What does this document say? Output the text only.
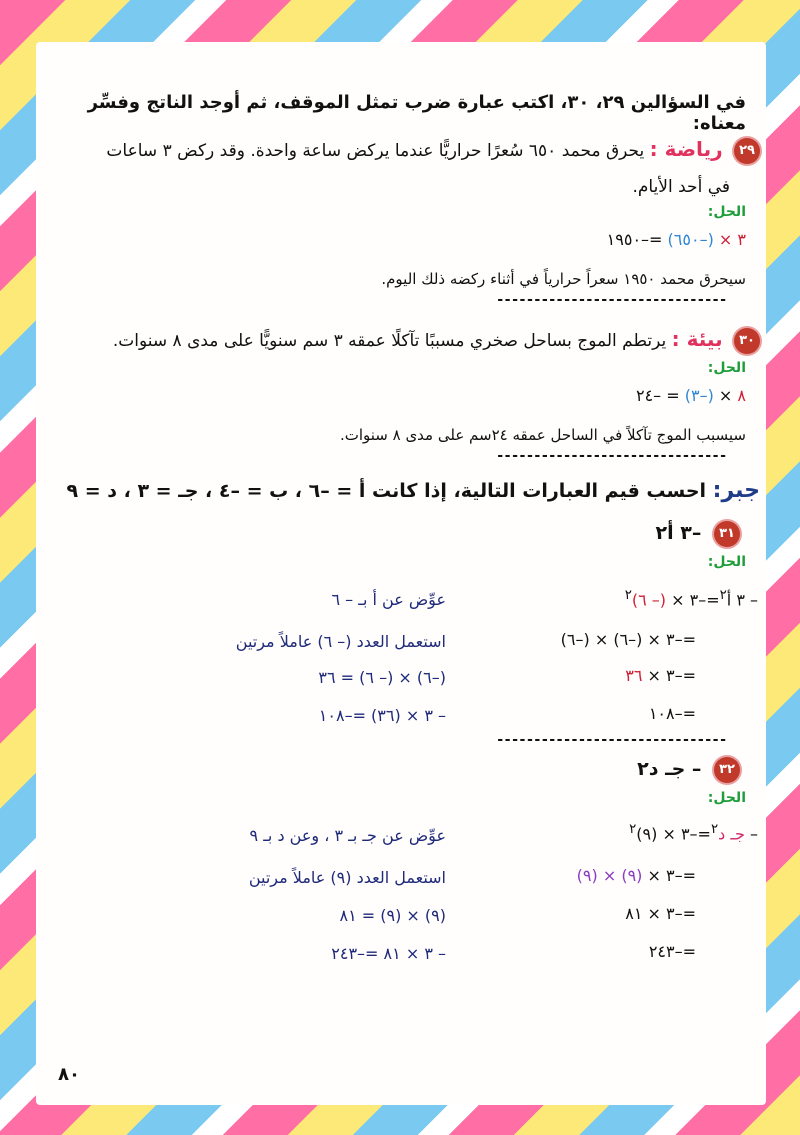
في السؤالين ٢٩، ٣٠، اكتب عبارة ضرب تمثل الموقف، ثم أوجد الناتج وفسِّر معناه:
٢٩ رياضة : يحرق محمد ٦٥٠ سُعرًا حراريًّا عندما يركض ساعة واحدة. وقد ركض ٣ ساعات
في أحد الأيام.
الحل:
٣ × (–٦٥٠) =–١٩٥٠
سيحرق محمد ١٩٥٠ سعراً حرارياً في أثناء ركضه ذلك اليوم.
-------------------------------
٣٠ بيئة : يرتطم الموج بساحل صخري مسببًا تآكلًا عمقه ٣ سم سنويًّا على مدى ٨ سنوات.
الحل:
٨ × (–٣) = –٢٤
سيسبب الموج تآكلاً في الساحل عمقه ٢٤سم على مدى ٨ سنوات.
-------------------------------
جبر: احسب قيم العبارات التالية، إذا كانت أ = –٦ ، ب = –٤ ، جـ = ٣ ، د = ٩
٣١ –٣ أ٢
الحل:
– ٣ أ$^٢$=–٣ × (– ٦)$^٢$
عوِّض عن أ بـ – ٦
=–٣ × (–٦) × (–٦)
استعمل العدد (– ٦) عاملاً مرتين
=–٣ × ٣٦
(–٦) × (– ٦) = ٣٦
=–١٠٨
– ٣ × (٣٦) =–١٠٨
-------------------------------
٣٢ – جـ د٢
الحل:
– جـ د$^٢$=–٣ × (٩)$^٢$
عوِّض عن جـ بـ ٣ ، وعن د بـ ٩
=–٣ × (٩) × (٩)
استعمل العدد (٩) عاملاً مرتين
=–٣ × ٨١
(٩) × (٩) = ٨١
=–٢٤٣
– ٣ × ٨١ =–٢٤٣
٨٠
